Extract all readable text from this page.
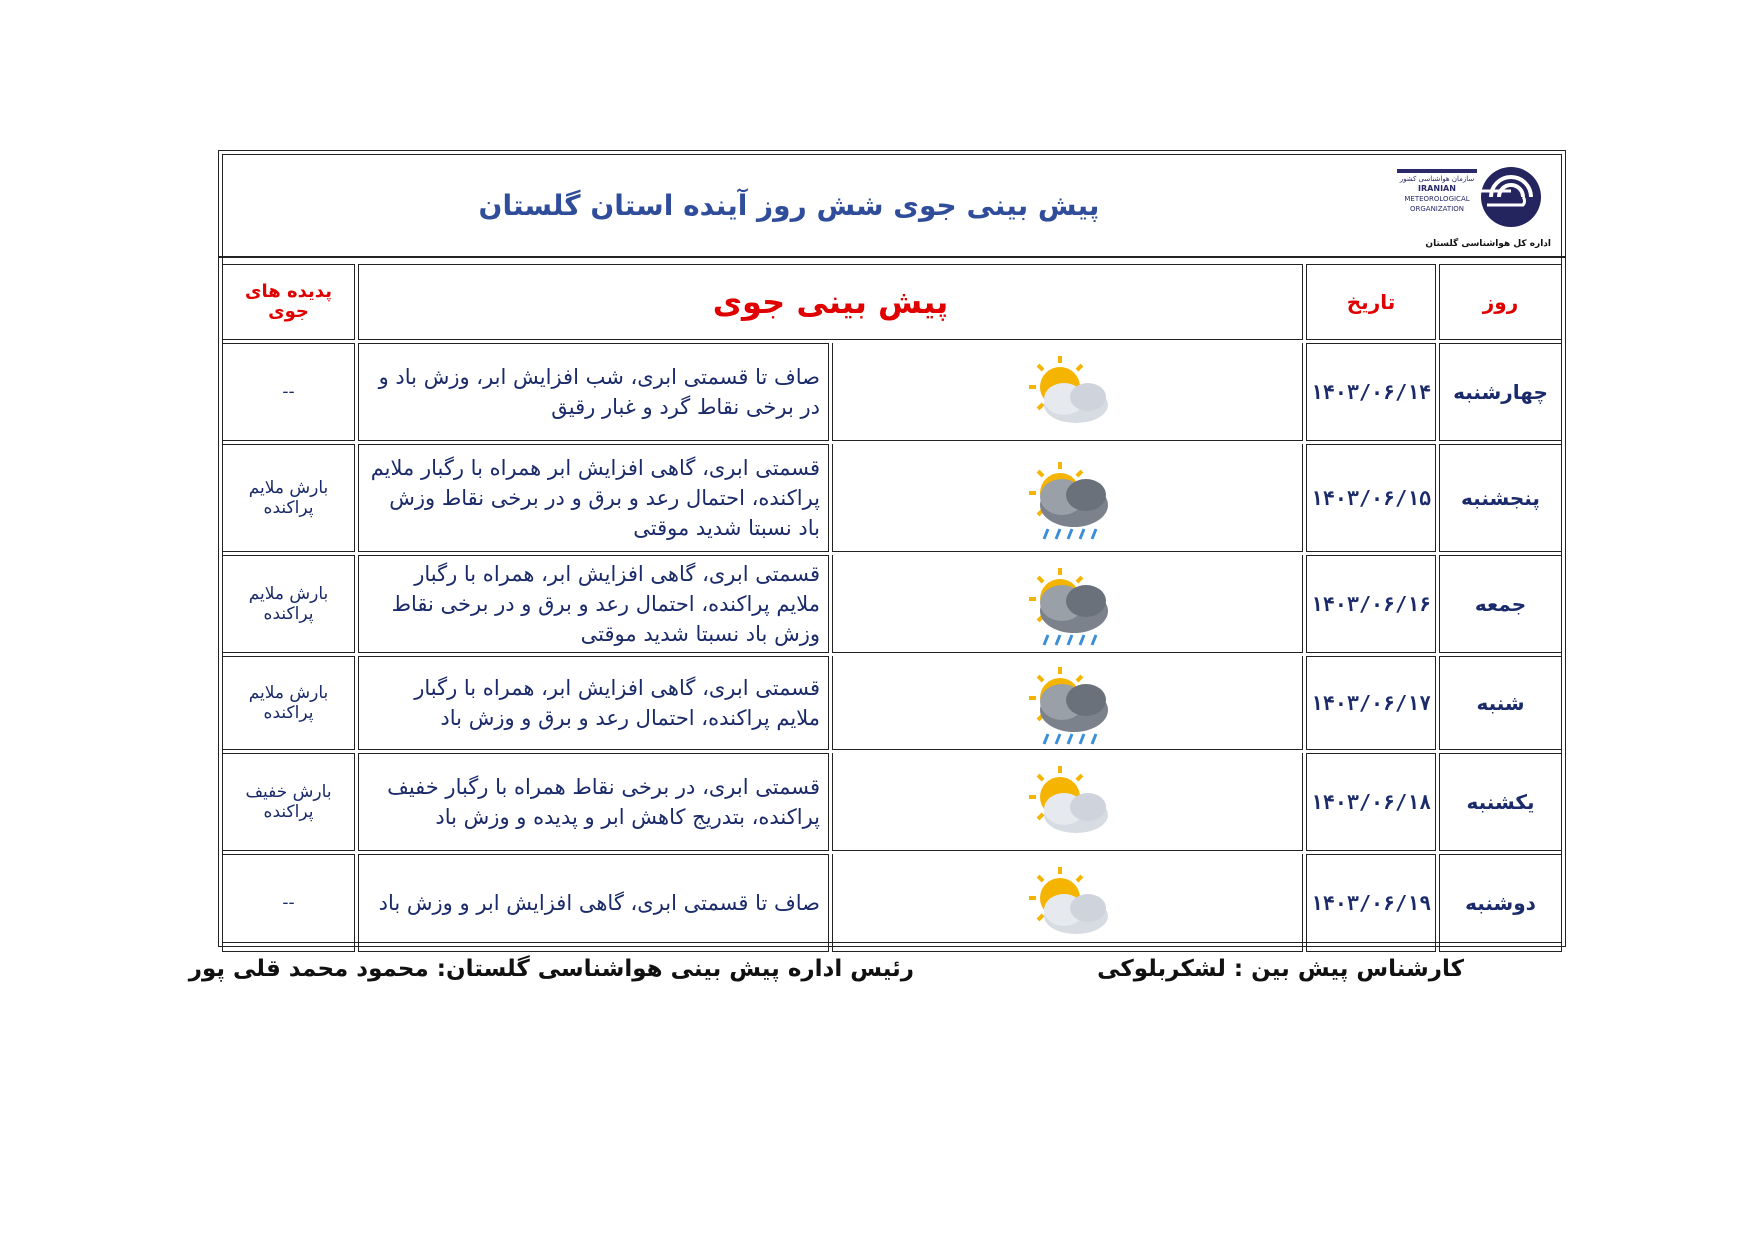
پیش بینی جوی شش روز آینده استان گلستان
سازمان هواشناسی کشور
IRANIAN
METEOROLOGICAL
ORGANIZATION
اداره کل هواشناسی گلستان
روز	تاریخ	پیش بینی جوی		پدیده های
جوی

چهارشنبه	۱۴۰۳/۰۶/۱۴		صاف تا قسمتی ابری، شب افزایش ابر، وزش باد و در برخی نقاط گرد و غبار رقیق	--
پنجشنبه	۱۴۰۳/۰۶/۱۵		قسمتی ابری، گاهی افزایش ابر همراه با رگبار ملایم پراکنده، احتمال رعد و برق و در برخی نقاط وزش باد نسبتا شدید موقتی	بارش ملایم پراکنده
جمعه	۱۴۰۳/۰۶/۱۶		قسمتی ابری، گاهی افزایش ابر، همراه با رگبار ملایم پراکنده، احتمال رعد و برق و در برخی نقاط وزش باد نسبتا شدید موقتی	بارش ملایم پراکنده
شنبه	۱۴۰۳/۰۶/۱۷		قسمتی ابری، گاهی افزایش ابر، همراه با رگبار ملایم پراکنده، احتمال رعد و برق و وزش باد	بارش ملایم پراکنده
یکشنبه	۱۴۰۳/۰۶/۱۸		قسمتی ابری، در برخی نقاط همراه با رگبار خفیف پراکنده، بتدریج کاهش ابر و پدیده و وزش باد	بارش خفیف پراکنده
دوشنبه	۱۴۰۳/۰۶/۱۹		صاف تا قسمتی ابری، گاهی افزایش ابر و وزش باد	--
کارشناس پیش بین : لشکربلوکی
رئیس اداره پیش بینی هواشناسی گلستان: محمود محمد قلی پور
